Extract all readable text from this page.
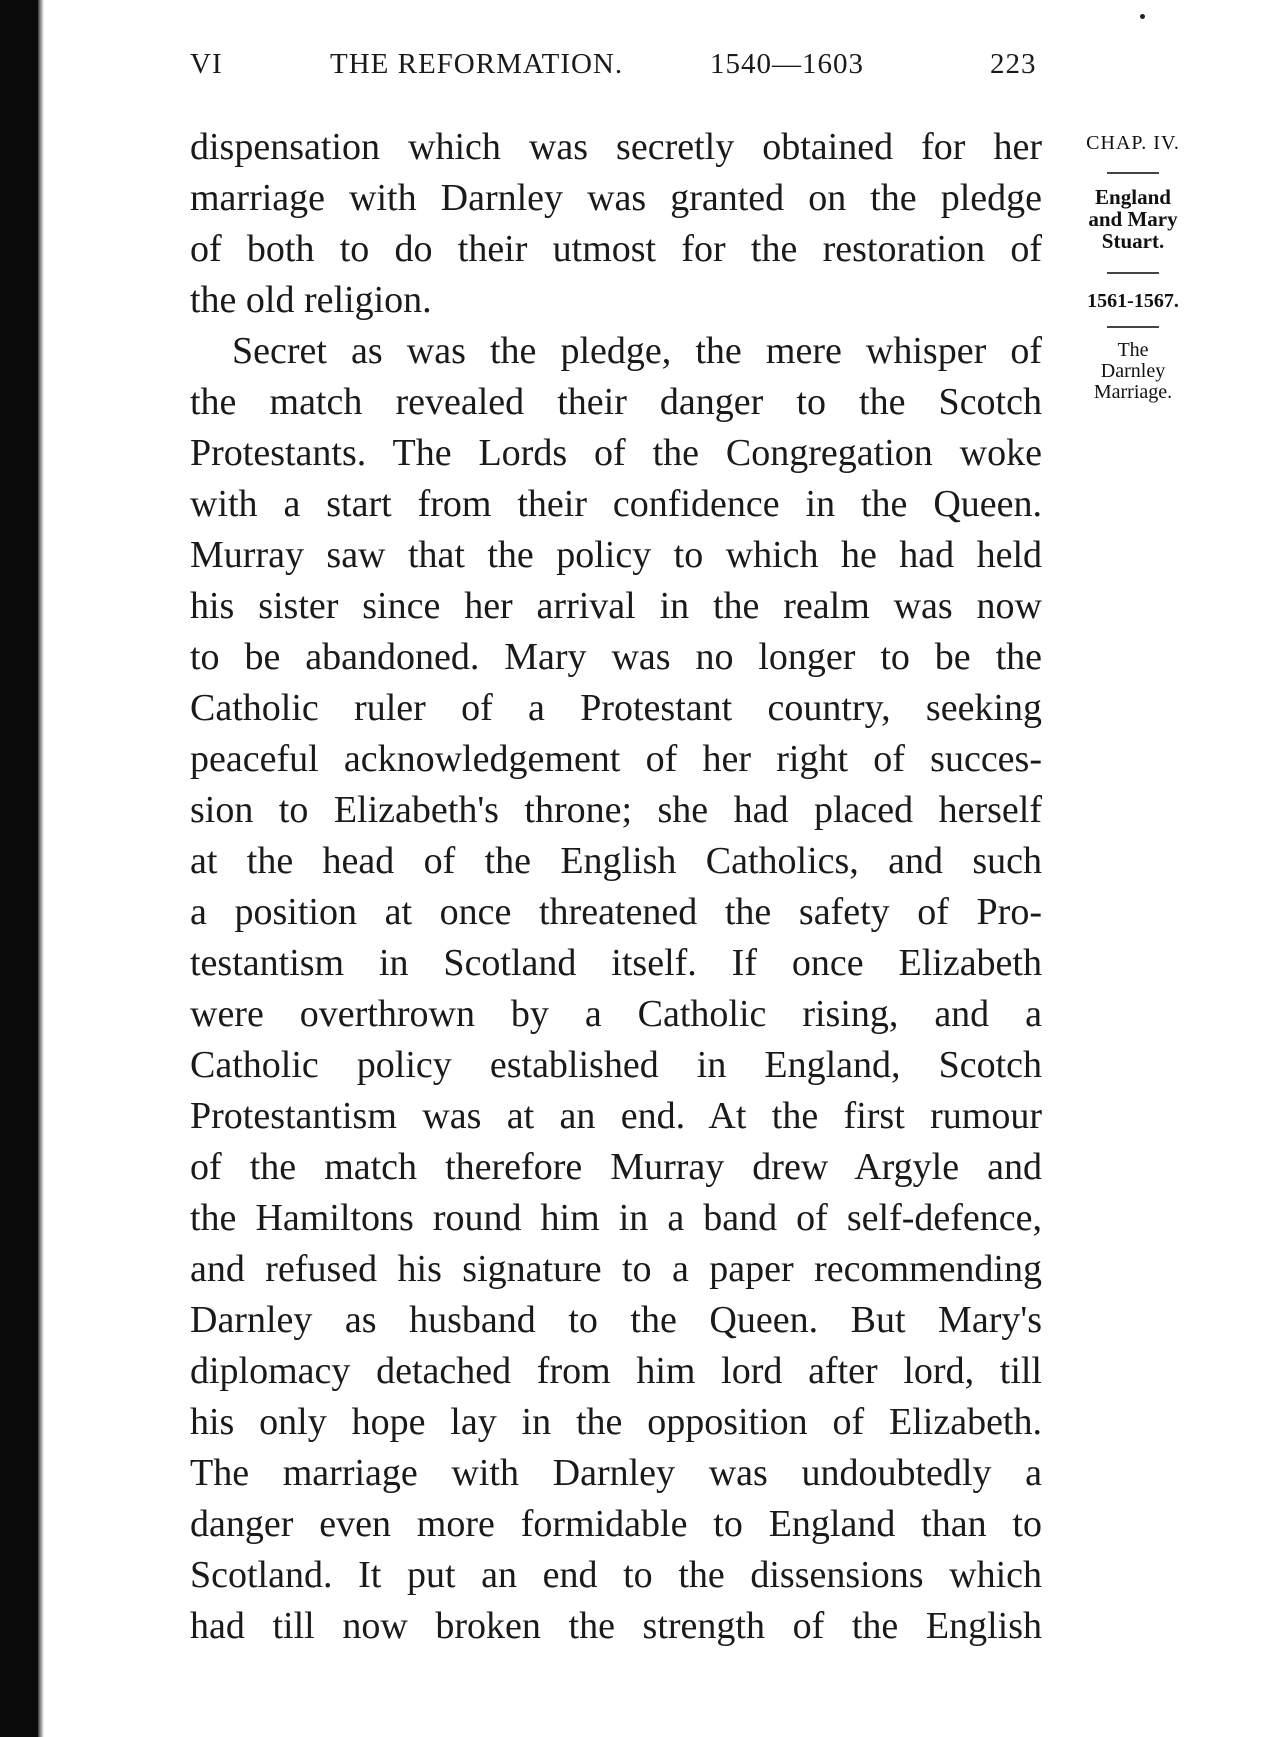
VI	THE REFORMATION.	1540—1603	223
dispensation which was secretly obtained for her
marriage with Darnley was granted on the pledge
of both to do their utmost for the restoration of
the old religion.
Secret as was the pledge, the mere whisper of
the match revealed their danger to the Scotch
Protestants. The Lords of the Congregation woke
with a start from their confidence in the Queen.
Murray saw that the policy to which he had held
his sister since her arrival in the realm was now
to be abandoned. Mary was no longer to be the
Catholic ruler of a Protestant country, seeking
peaceful acknowledgement of her right of succes-
sion to Elizabeth's throne; she had placed herself
at the head of the English Catholics, and such
a position at once threatened the safety of Pro-
testantism in Scotland itself. If once Elizabeth
were overthrown by a Catholic rising, and a
Catholic policy established in England, Scotch
Protestantism was at an end. At the first rumour
of the match therefore Murray drew Argyle and
the Hamiltons round him in a band of self-defence,
and refused his signature to a paper recommending
Darnley as husband to the Queen. But Mary's
diplomacy detached from him lord after lord, till
his only hope lay in the opposition of Elizabeth.
The marriage with Darnley was undoubtedly a
danger even more formidable to England than to
Scotland. It put an end to the dissensions which
had till now broken the strength of the English
CHAP. IV.
England
and Mary
Stuart.
1561-1567.
The
Darnley
Marriage.
